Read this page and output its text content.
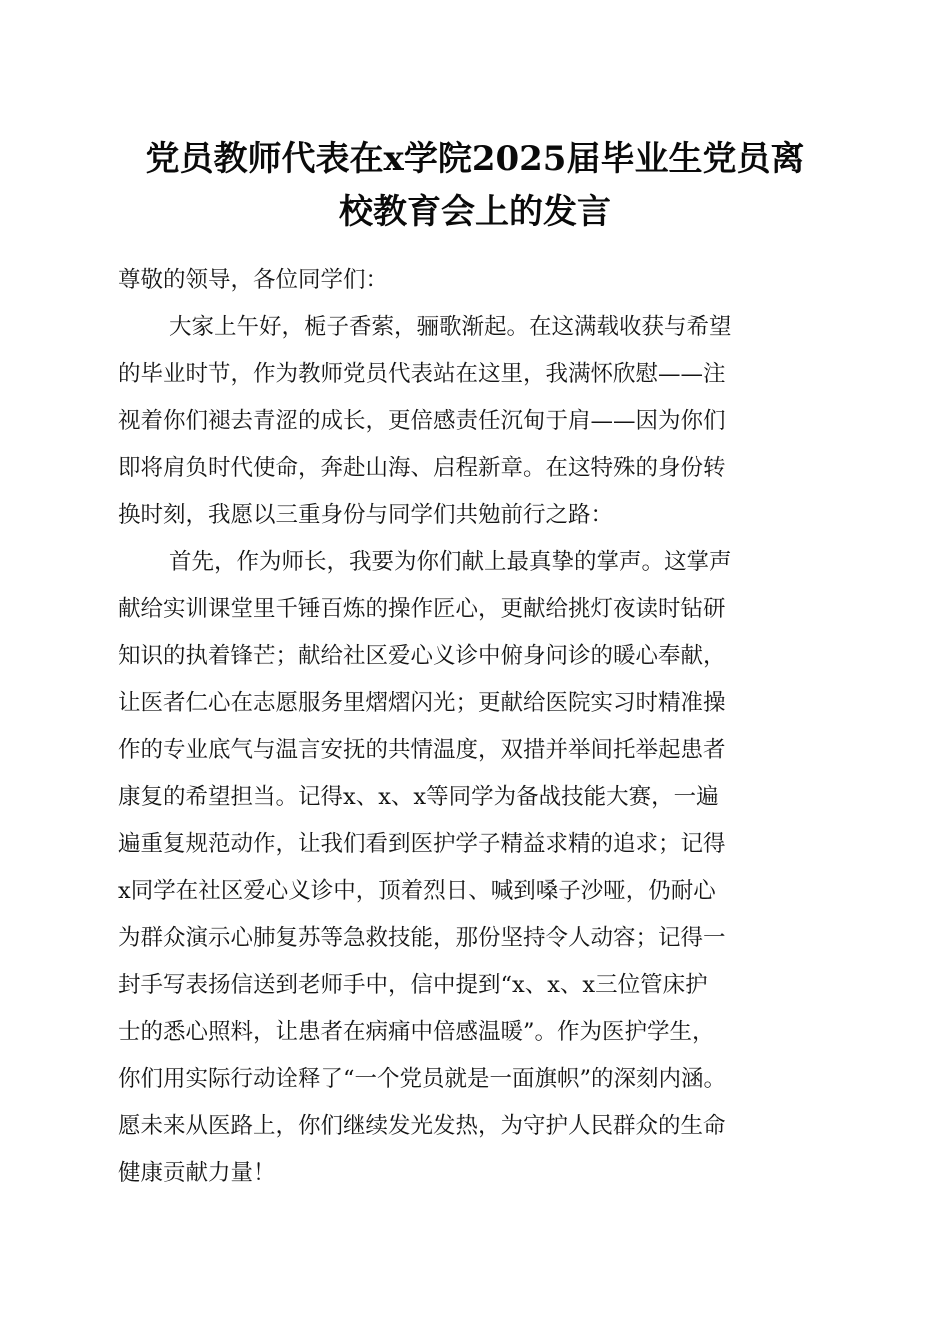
党员教师代表在x学院2025届毕业生党员离
校教育会上的发言
尊敬的领导，各位同学们：
大家上午好，栀子香萦，骊歌渐起。在这满载收获与希望
的毕业时节，作为教师党员代表站在这里，我满怀欣慰——注
视着你们褪去青涩的成长，更倍感责任沉甸于肩——因为你们
即将肩负时代使命，奔赴山海、启程新章。在这特殊的身份转
换时刻，我愿以三重身份与同学们共勉前行之路：
首先，作为师长，我要为你们献上最真挚的掌声。这掌声
献给实训课堂里千锤百炼的操作匠心，更献给挑灯夜读时钻研
知识的执着锋芒；献给社区爱心义诊中俯身问诊的暖心奉献，
让医者仁心在志愿服务里熠熠闪光；更献给医院实习时精准操
作的专业底气与温言安抚的共情温度，双措并举间托举起患者
康复的希望担当。记得x、x、x等同学为备战技能大赛，一遍
遍重复规范动作，让我们看到医护学子精益求精的追求；记得
x同学在社区爱心义诊中，顶着烈日、喊到嗓子沙哑，仍耐心
为群众演示心肺复苏等急救技能，那份坚持令人动容；记得一
封手写表扬信送到老师手中，信中提到“x、x、x三位管床护
士的悉心照料，让患者在病痛中倍感温暖”。作为医护学生，
你们用实际行动诠释了“一个党员就是一面旗帜”的深刻内涵。
愿未来从医路上，你们继续发光发热，为守护人民群众的生命
健康贡献力量！
